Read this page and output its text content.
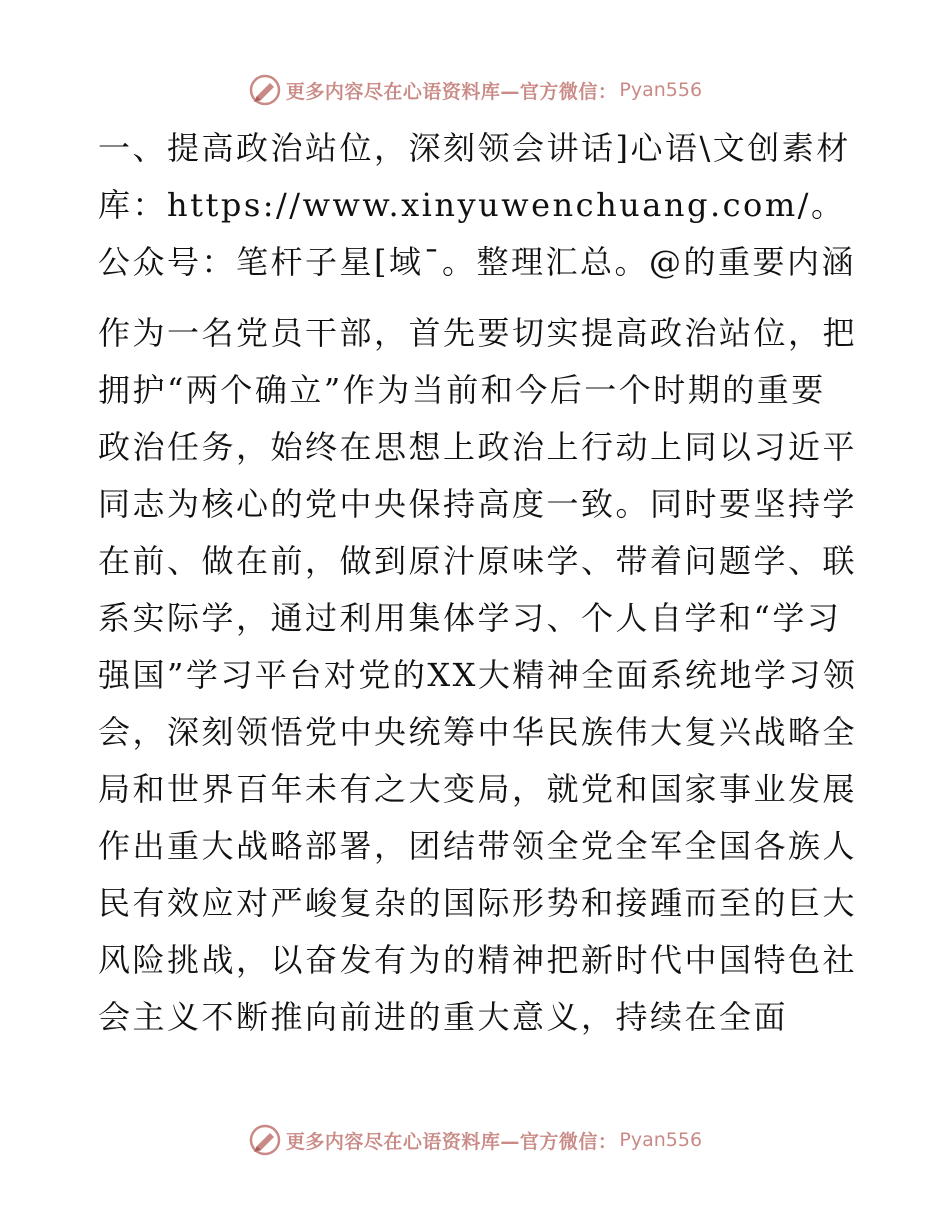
更多内容尽在心语资料库—官方微信： Pyan556
一、提高政治站位，深刻领会讲话]心语\文创素材库：https://www.xinyuwenchuang.com/。公众号：笔杆子星[域¯。整理汇总。@的重要内涵

作为一名党员干部，首先要切实提高政治站位，把拥护“两个确立”作为当前和今后一个时期的重要政治任务，始终在思想上政治上行动上同以习近平同志为核心的党中央保持高度一致。同时要坚持学在前、做在前，做到原汁原味学、带着问题学、联系实际学，通过利用集体学习、个人自学和“学习强国”学习平台对党的XX大精神全面系统地学习领会，深刻领悟党中央统筹中华民族伟大复兴战略全局和世界百年未有之大变局，就党和国家事业发展作出重大战略部署，团结带领全党全军全国各族人民有效应对严峻复杂的国际形势和接踵而至的巨大风险挑战，以奋发有为的精神把新时代中国特色社会主义不断推向前进的重大意义，持续在全面

更多内容尽在心语资料库—官方微信： Pyan556
